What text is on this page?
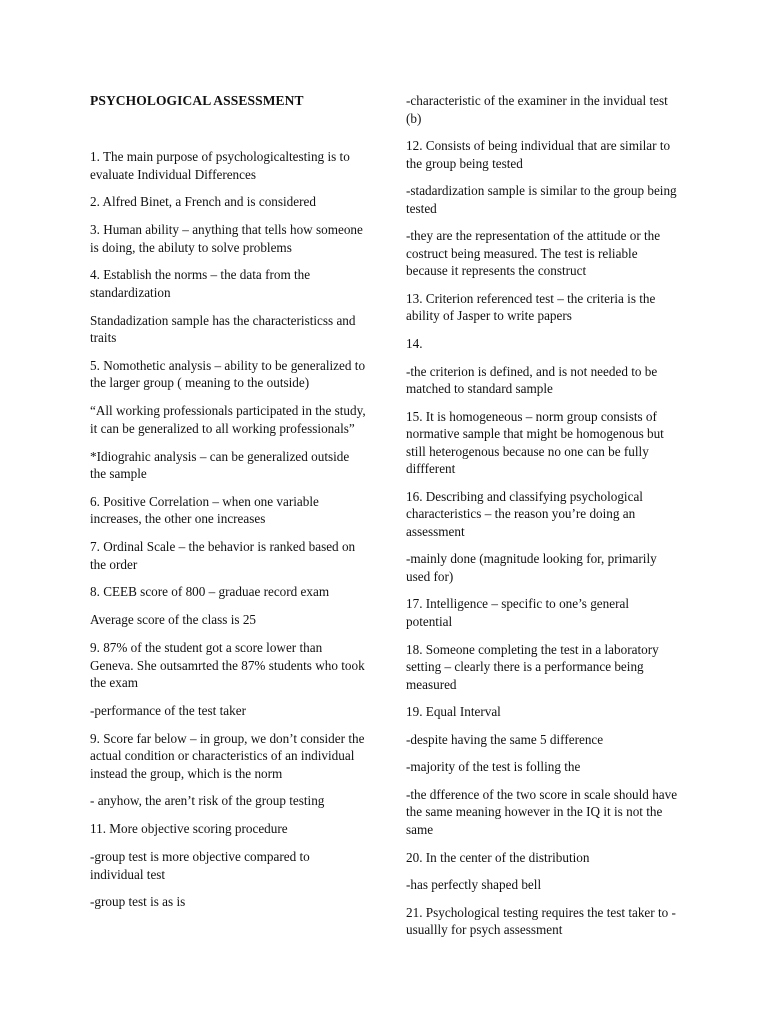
PSYCHOLOGICAL ASSESSMENT

1. The main purpose of psychologicaltesting is to evaluate Individual Differences

2. Alfred Binet, a French and is considered

3. Human ability – anything that tells how someone is doing, the abiluty to solve problems

4. Establish the norms – the data from the standardization

Standadization sample has the characteristicss and traits

5. Nomothetic analysis – ability to be generalized to the larger group ( meaning to the outside)

“All working professionals participated in the study, it can be generalized to all working professionals”

*Idiograhic analysis – can be generalized outside the sample

6. Positive Correlation – when one variable increases, the other one increases

7. Ordinal Scale – the behavior is ranked based on the order

8. CEEB score of 800 – graduae record exam

Average score of the class is 25

9. 87% of the student got a score lower than Geneva. She outsamrted the 87% students who took the exam

-performance of the test taker

9. Score far below – in group, we don’t consider the actual condition or characteristics of an individual instead the group, which is the norm

- anyhow, the aren’t risk of the group testing

11. More objective scoring procedure

-group test is more objective compared to individual test

-group test is as is

-characteristic of the examiner in the invidual test (b)

12. Consists of being individual that are similar to the group being tested

-stadardization sample is similar to the group being tested

-they are the representation of the attitude or the costruct being measured. The test is reliable because it represents the construct

13. Criterion referenced test – the criteria is the ability of Jasper to write papers

14.

-the criterion is defined, and is not needed to be matched to standard sample

15. It is homogeneous – norm group consists of normative sample that might be homogenous but still heterogenous because no one can be fully diffferent

16. Describing and classifying psychological characteristics – the reason you’re doing an assessment

-mainly done (magnitude looking for, primarily used for)

17. Intelligence – specific to one’s general potential

18. Someone completing the test in a laboratory setting – clearly there is a performance being measured

19. Equal Interval

-despite having the same 5 difference

-majority of the test is folling the

-the dfference of the two score in scale should have the same meaning however in the IQ it is not the same

20. In the center of the distribution

-has perfectly shaped bell

21. Psychological testing requires the test taker to - usuallly for psych assessment
